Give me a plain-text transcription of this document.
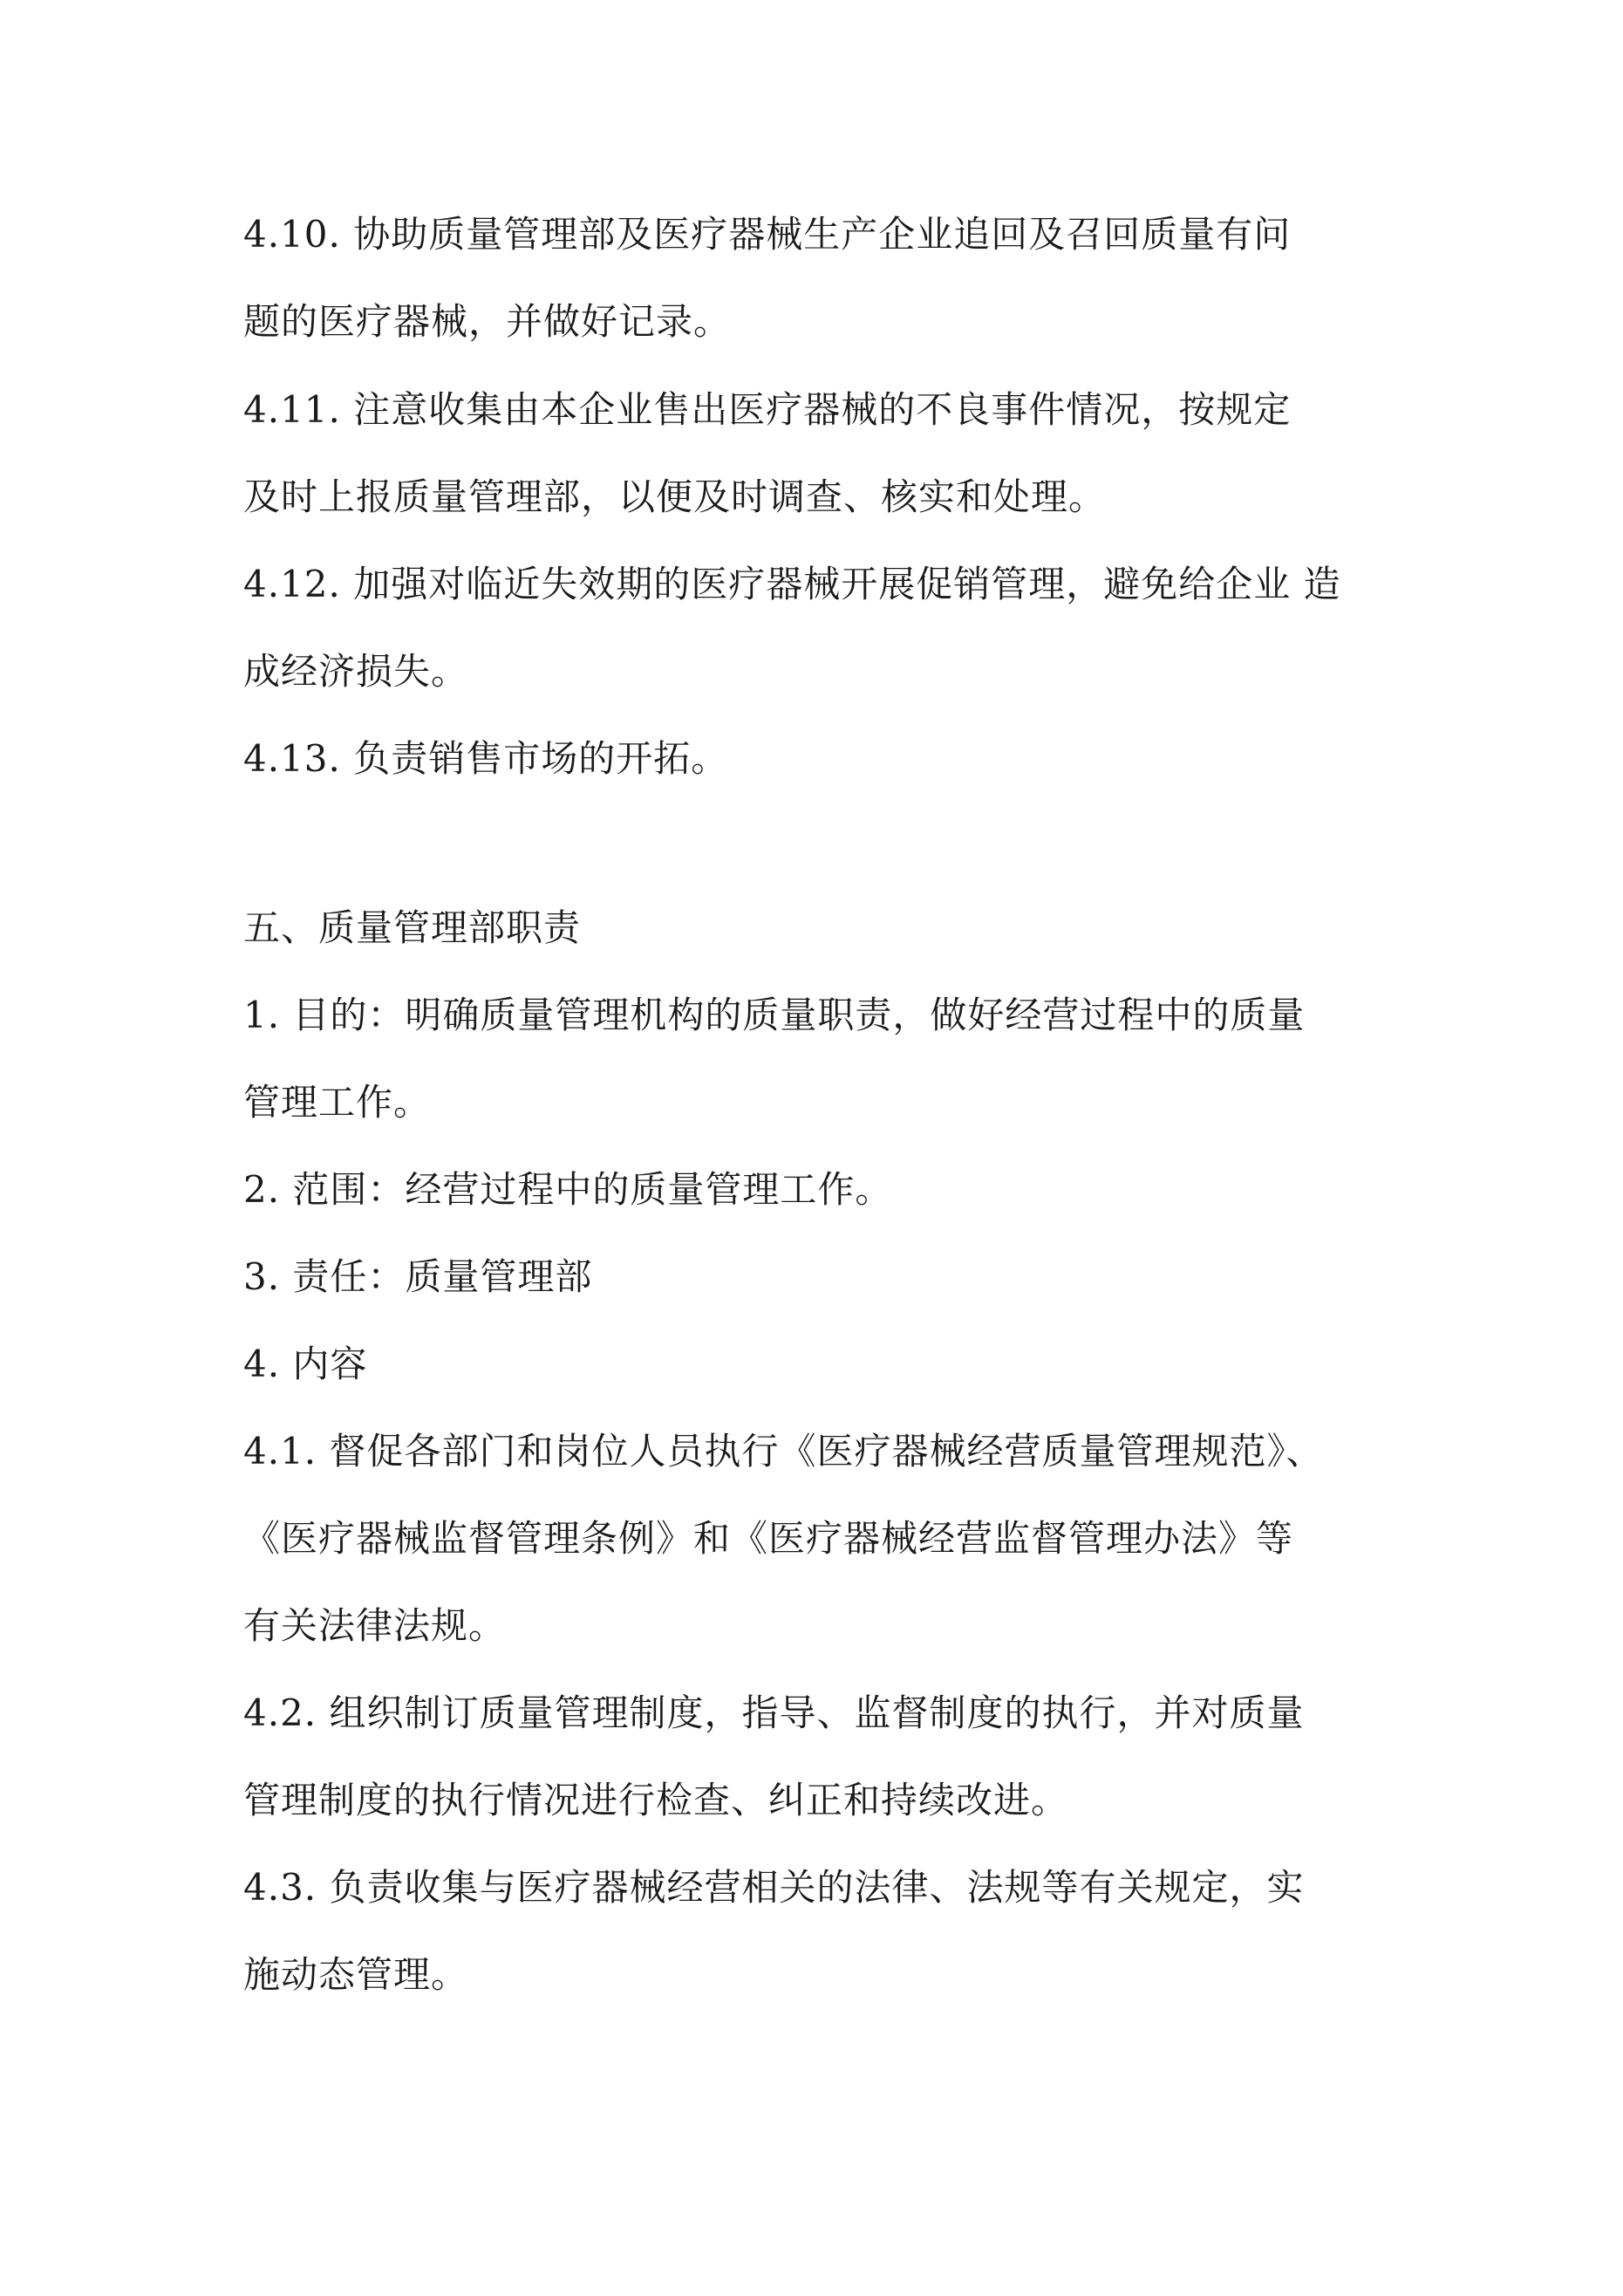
4.10. 协助质量管理部及医疗器械生产企业追回及召回质量有问
题的医疗器械，并做好记录。
4.11. 注意收集由本企业售出医疗器械的不良事件情况，按规定
及时上报质量管理部，以便及时调查、核实和处理。
4.12. 加强对临近失效期的医疗器械开展促销管理，避免给企业 造
成经济损失。
4.13. 负责销售市场的开拓。
五、质量管理部职责
1. 目的：明确质量管理机构的质量职责，做好经营过程中的质量
管理工作。
2. 范围：经营过程中的质量管理工作。
3. 责任：质量管理部
4. 内容
4.1. 督促各部门和岗位人员执行《医疗器械经营质量管理规范》、
《医疗器械监督管理条例》和《医疗器械经营监督管理办法》等
有关法律法规。
4.2. 组织制订质量管理制度，指导、监督制度的执行，并对质量
管理制度的执行情况进行检查、纠正和持续改进。
4.3. 负责收集与医疗器械经营相关的法律、法规等有关规定，实
施动态管理。
